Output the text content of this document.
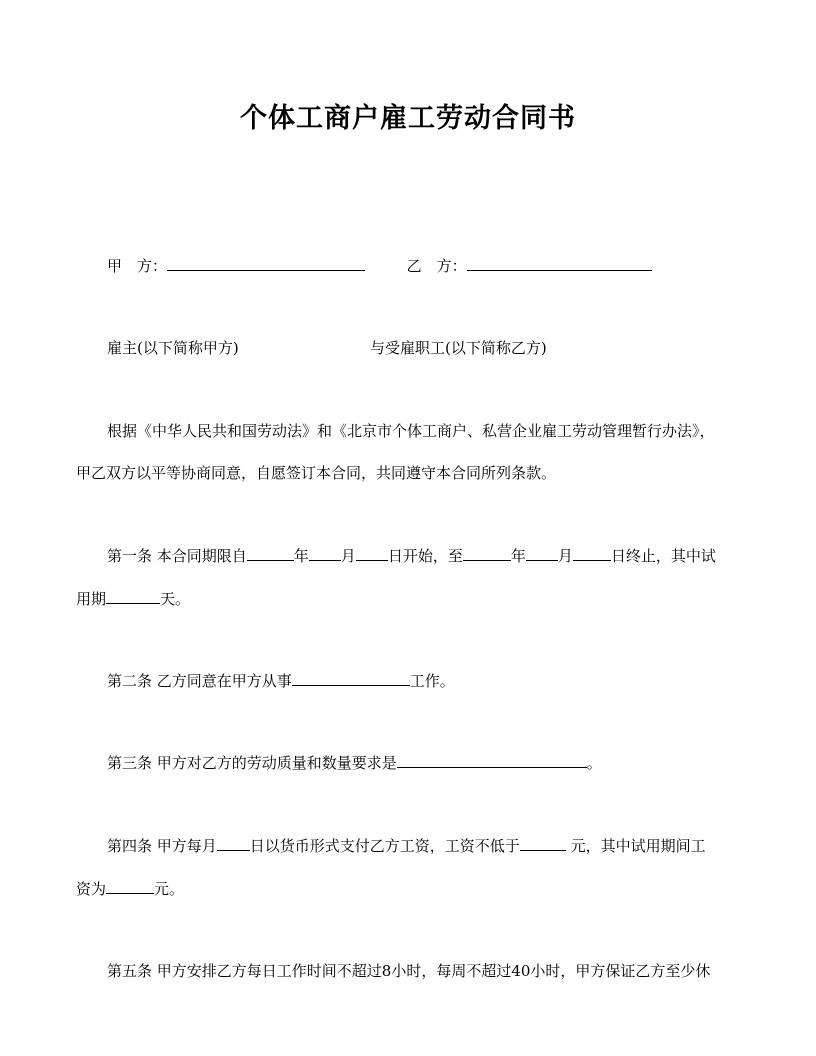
个体工商户雇工劳动合同书
甲　方：	乙　方：
雇主(以下简称甲方)	与受雇职工(以下简称乙方)
根据《中华人民共和国劳动法》和《北京市个体工商户、私营企业雇工劳动管理暂行办法》，
甲乙双方以平等协商同意，自愿签订本合同，共同遵守本合同所列条款。
第一条 本合同期限自	年 月 日开始，至	年 月	日终止，其中试
用期	天。
第二条 乙方同意在甲方从事	工作。
第三条 甲方对乙方的劳动质量和数量要求是	。
第四条 甲方每月 日以货币形式支付乙方工资，工资不低于	元，其中试用期间工
资为	元。
第五条 甲方安排乙方每日工作时间不超过8小时，每周不超过40小时，甲方保证乙方至少休
